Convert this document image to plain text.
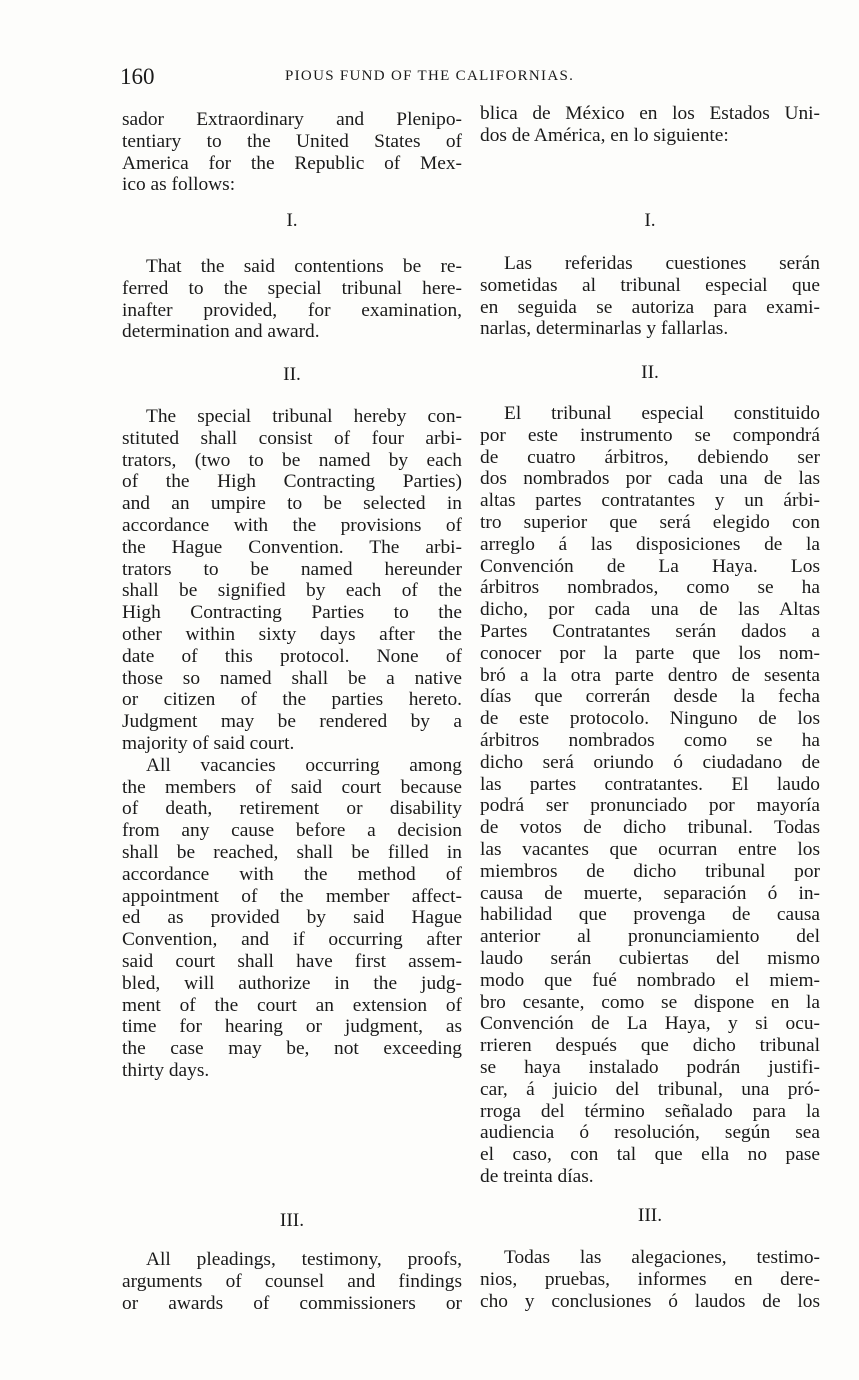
160	PIOUS FUND OF THE CALIFORNIAS.
sador Extraordinary and Plenipo-
tentiary to the United States of
America for the Republic of Mex-
ico as follows:
I.
That the said contentions be re-
ferred to the special tribunal here-
inafter provided, for examination,
determination and award.
II.
The special tribunal hereby con-
stituted shall consist of four arbi-
trators, (two to be named by each
of the High Contracting Parties)
and an umpire to be selected in
accordance with the provisions of
the Hague Convention. The arbi-
trators to be named hereunder
shall be signified by each of the
High Contracting Parties to the
other within sixty days after the
date of this protocol. None of
those so named shall be a native
or citizen of the parties hereto.
Judgment may be rendered by a
majority of said court.
All vacancies occurring among
the members of said court because
of death, retirement or disability
from any cause before a decision
shall be reached, shall be filled in
accordance with the method of
appointment of the member affect-
ed as provided by said Hague
Convention, and if occurring after
said court shall have first assem-
bled, will authorize in the judg-
ment of the court an extension of
time for hearing or judgment, as
the case may be, not exceeding
thirty days.
III.
All pleadings, testimony, proofs,
arguments of counsel and findings
or awards of commissioners or
blica de México en los Estados Uni-
dos de América, en lo siguiente:
I.
Las referidas cuestiones serán
sometidas al tribunal especial que
en seguida se autoriza para exami-
narlas, determinarlas y fallarlas.
II.
El tribunal especial constituido
por este instrumento se compondrá
de cuatro árbitros, debiendo ser
dos nombrados por cada una de las
altas partes contratantes y un árbi-
tro superior que será elegido con
arreglo á las disposiciones de la
Convención de La Haya. Los
árbitros nombrados, como se ha
dicho, por cada una de las Altas
Partes Contratantes serán dados a
conocer por la parte que los nom-
bró a la otra parte dentro de sesenta
días que correrán desde la fecha
de este protocolo. Ninguno de los
árbitros nombrados como se ha
dicho será oriundo ó ciudadano de
las partes contratantes. El laudo
podrá ser pronunciado por mayoría
de votos de dicho tribunal. Todas
las vacantes que ocurran entre los
miembros de dicho tribunal por
causa de muerte, separación ó in-
habilidad que provenga de causa
anterior al pronunciamiento del
laudo serán cubiertas del mismo
modo que fué nombrado el miem-
bro cesante, como se dispone en la
Convención de La Haya, y si ocu-
rrieren después que dicho tribunal
se haya instalado podrán justifi-
car, á juicio del tribunal, una pró-
rroga del término señalado para la
audiencia ó resolución, según sea
el caso, con tal que ella no pase
de treinta días.
III.
Todas las alegaciones, testimo-
nios, pruebas, informes en dere-
cho y conclusiones ó laudos de los
